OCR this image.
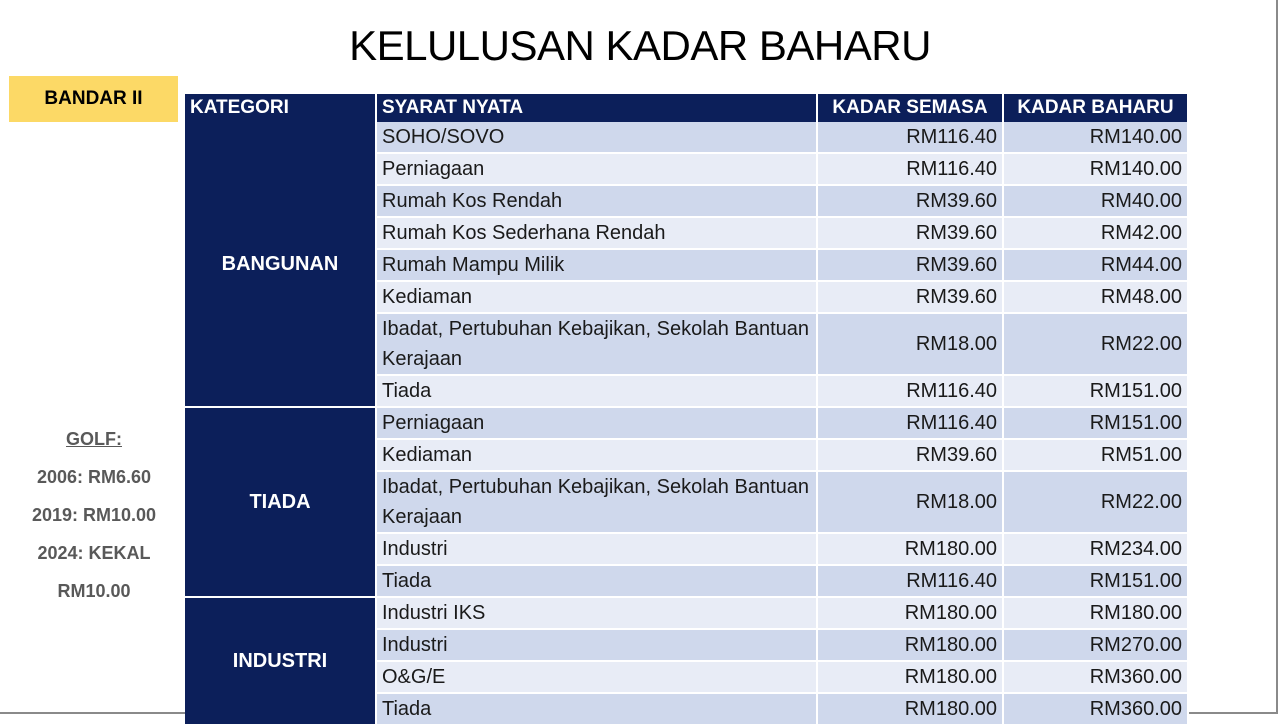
KELULUSAN KADAR BAHARU
BANDAR II
GOLF:
2006: RM6.60
2019: RM10.00
2024: KEKAL
RM10.00
KATEGORI	SYARAT NYATA	KADAR SEMASA	KADAR BAHARU
BANGUNAN	SOHO/SOVO	RM116.40	RM140.00
	Perniagaan	RM116.40	RM140.00
	Rumah Kos Rendah	RM39.60	RM40.00
	Rumah Kos Sederhana Rendah	RM39.60	RM42.00
	Rumah Mampu Milik	RM39.60	RM44.00
	Kediaman	RM39.60	RM48.00
	Ibadat, Pertubuhan Kebajikan, Sekolah Bantuan Kerajaan	RM18.00	RM22.00
	Tiada	RM116.40	RM151.00
TIADA	Perniagaan	RM116.40	RM151.00
	Kediaman	RM39.60	RM51.00
	Ibadat, Pertubuhan Kebajikan, Sekolah Bantuan Kerajaan	RM18.00	RM22.00
	Industri	RM180.00	RM234.00
	Tiada	RM116.40	RM151.00
INDUSTRI	Industri IKS	RM180.00	RM180.00
	Industri	RM180.00	RM270.00
	O&G/E	RM180.00	RM360.00
	Tiada	RM180.00	RM360.00
